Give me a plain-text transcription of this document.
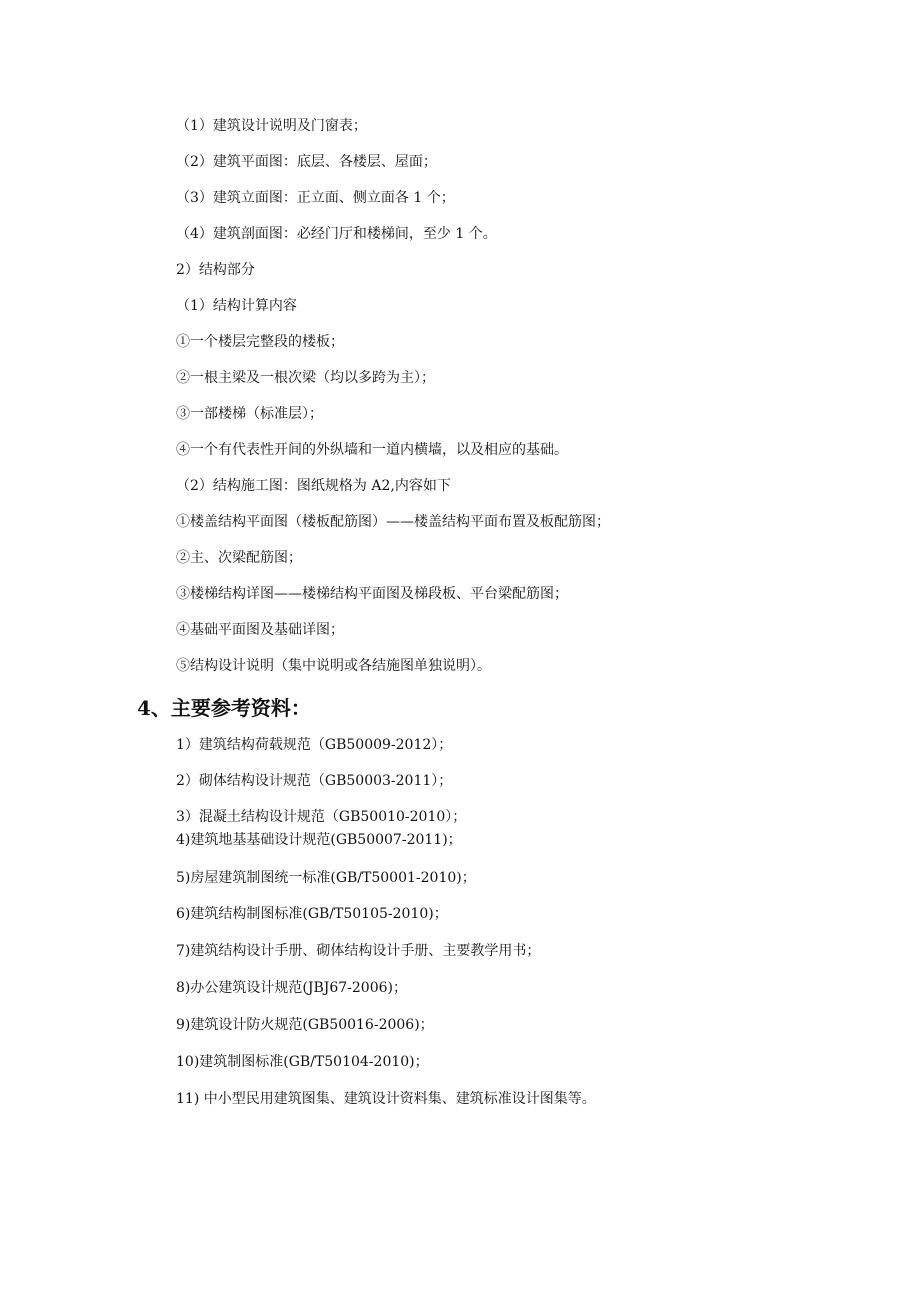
（1）建筑设计说明及门窗表；
（2）建筑平面图：底层、各楼层、屋面；
（3）建筑立面图：正立面、侧立面各 1 个；
（4）建筑剖面图：必经门厅和楼梯间，至少 1 个。
2）结构部分
（1）结构计算内容
①一个楼层完整段的楼板；
②一根主梁及一根次梁（均以多跨为主）；
③一部楼梯（标准层）；
④一个有代表性开间的外纵墙和一道内横墙，以及相应的基础。
（2）结构施工图：图纸规格为 A2,内容如下
①楼盖结构平面图（楼板配筋图）——楼盖结构平面布置及板配筋图；
②主、次梁配筋图；
③楼梯结构详图——楼梯结构平面图及梯段板、平台梁配筋图；
④基础平面图及基础详图；
⑤结构设计说明（集中说明或各结施图单独说明）。
4、主要参考资料：
1）建筑结构荷载规范（GB50009-2012）；
2）砌体结构设计规范（GB50003-2011）；
3）混凝土结构设计规范（GB50010-2010）；
4)建筑地基基础设计规范(GB50007-2011)；
5)房屋建筑制图统一标准(GB/T50001-2010)；
6)建筑结构制图标准(GB/T50105-2010)；
7)建筑结构设计手册、砌体结构设计手册、主要教学用书；
8)办公建筑设计规范(JBJ67-2006)；
9)建筑设计防火规范(GB50016-2006)；
10)建筑制图标准(GB/T50104-2010)；
11) 中小型民用建筑图集、建筑设计资料集、建筑标准设计图集等。
